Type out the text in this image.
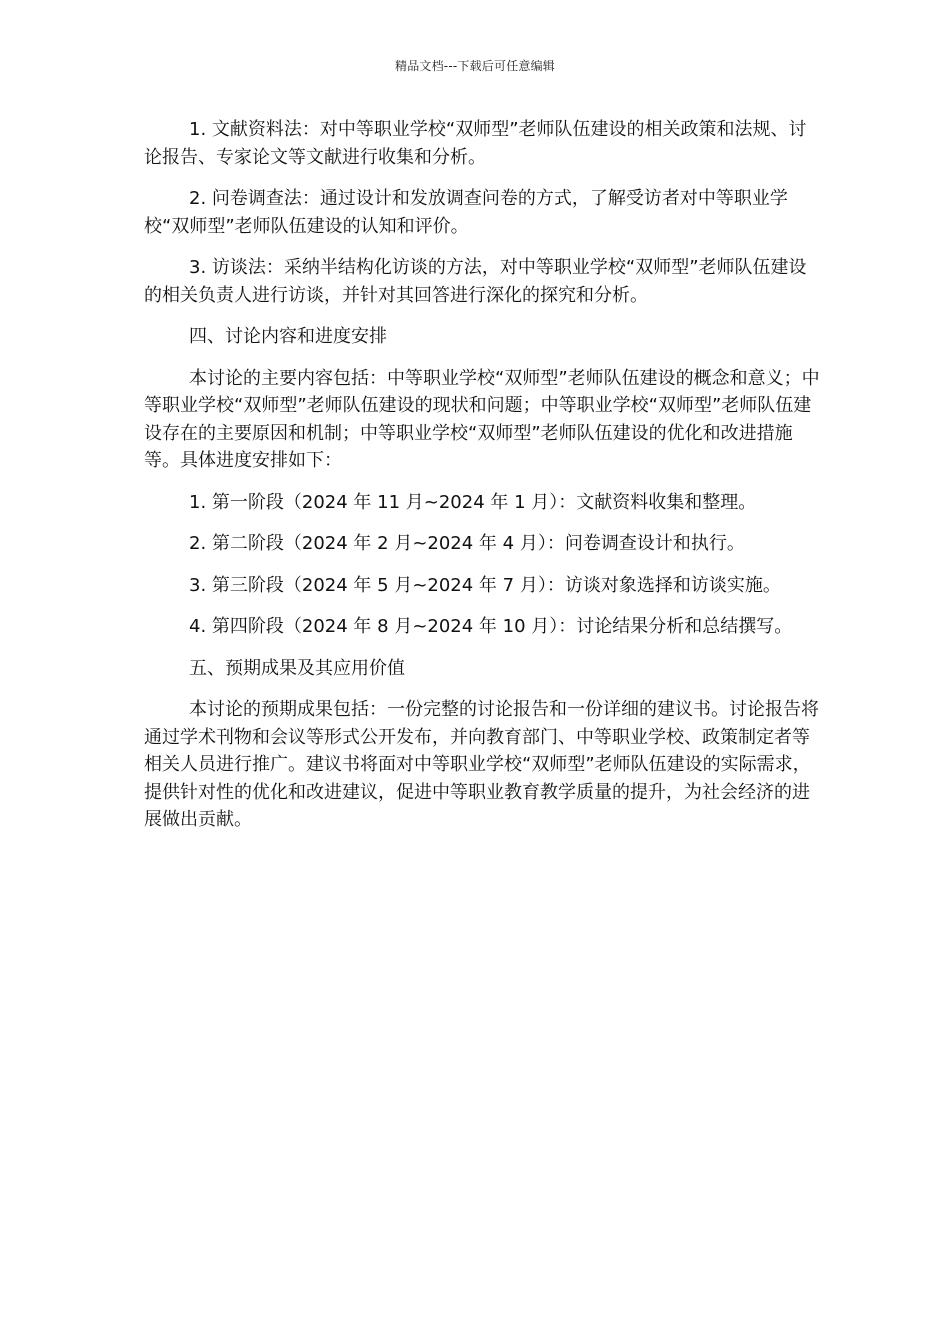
精品文档---下载后可任意编辑

1. 文献资料法：对中等职业学校“双师型”老师队伍建设的相关政策和法规、讨论报告、专家论文等文献进行收集和分析。

2. 问卷调查法：通过设计和发放调查问卷的方式，了解受访者对中等职业学校“双师型”老师队伍建设的认知和评价。

3. 访谈法：采纳半结构化访谈的方法，对中等职业学校“双师型”老师队伍建设的相关负责人进行访谈，并针对其回答进行深化的探究和分析。

四、讨论内容和进度安排

本讨论的主要内容包括：中等职业学校“双师型”老师队伍建设的概念和意义；中等职业学校“双师型”老师队伍建设的现状和问题；中等职业学校“双师型”老师队伍建设存在的主要原因和机制；中等职业学校“双师型”老师队伍建设的优化和改进措施等。具体进度安排如下：

1. 第一阶段（2024 年 11 月~2024 年 1 月）：文献资料收集和整理。

2. 第二阶段（2024 年 2 月~2024 年 4 月）：问卷调查设计和执行。

3. 第三阶段（2024 年 5 月~2024 年 7 月）：访谈对象选择和访谈实施。

4. 第四阶段（2024 年 8 月~2024 年 10 月）：讨论结果分析和总结撰写。

五、预期成果及其应用价值

本讨论的预期成果包括：一份完整的讨论报告和一份详细的建议书。讨论报告将通过学术刊物和会议等形式公开发布，并向教育部门、中等职业学校、政策制定者等相关人员进行推广。建议书将面对中等职业学校“双师型”老师队伍建设的实际需求，提供针对性的优化和改进建议，促进中等职业教育教学质量的提升，为社会经济的进展做出贡献。
